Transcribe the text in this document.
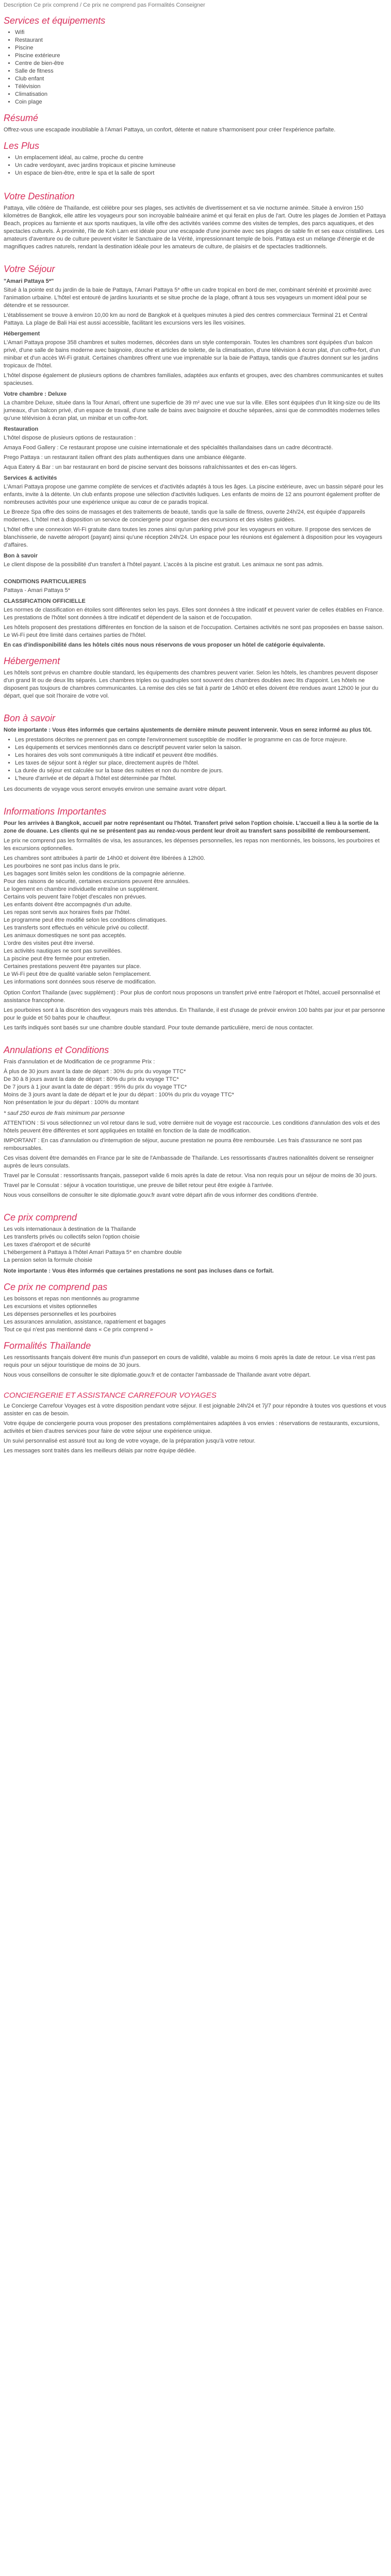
Description Ce prix comprend / Ce prix ne comprend pas Formalités Conseigner

Services et équipements
• Wifi
• Restaurant
• Piscine
• Piscine extérieure
• Centre de bien-être
• Salle de fitness
• Club enfant
• Télévision
• Climatisation
• Coin plage
Résumé

Offrez-vous une escapade inoubliable à l'Amari Pattaya, un confort, détente et nature s'harmonisent pour créer l'expérience parfaite.

Les Plus
• Un emplacement idéal, au calme, proche du centre
• Un cadre verdoyant, avec jardins tropicaux et piscine lumineuse
• Un espace de bien-être, entre le spa et la salle de sport
Votre Destination

Pattaya, ville côtière de Thaïlande, est célèbre pour ses plages, ses activités de divertissement et sa vie nocturne animée. Située à environ 150 kilomètres de Bangkok, elle attire les voyageurs pour son incroyable balnéaire animé et qui ferait en plus de l'art. Outre les plages de Jomtien et Pattaya Beach, propices au farniente et aux sports nautiques, la ville offre des activités variées comme des visites de temples, des parcs aquatiques, et des spectacles culturels. À proximité, l'île de Koh Larn est idéale pour une escapade d'une journée avec ses plages de sable fin et ses eaux cristallines. Les amateurs d'aventure ou de culture peuvent visiter le Sanctuaire de la Vérité, impressionnant temple de bois. Pattaya est un mélange d'énergie et de magnifiques cadres naturels, rendant la destination idéale pour les amateurs de culture, de plaisirs et de spectacles traditionnels.

Votre Séjour
"Amari Pattaya 5*"

Situé à la pointe est du jardin de la baie de Pattaya, l'Amari Pattaya 5* offre un cadre tropical en bord de mer, combinant sérénité et proximité avec l'animation urbaine. L'hôtel est entouré de jardins luxuriants et se situe proche de la plage, offrant à tous ses voyageurs un moment idéal pour se détendre et se ressourcer.

L'établissement se trouve à environ 10,00 km au nord de Bangkok et à quelques minutes à pied des centres commerciaux Terminal 21 et Central Pattaya. La plage de Bali Hai est aussi accessible, facilitant les excursions vers les îles voisines.

Hébergement

L'Amari Pattaya propose 358 chambres et suites modernes, décorées dans un style contemporain. Toutes les chambres sont équipées d'un balcon privé, d'une salle de bains moderne avec baignoire, douche et articles de toilette, de la climatisation, d'une télévision à écran plat, d'un coffre-fort, d'un minibar et d'un accès Wi-Fi gratuit. Certaines chambres offrent une vue imprenable sur la baie de Pattaya, tandis que d'autres donnent sur les jardins tropicaux de l'hôtel.

L'hôtel dispose également de plusieurs options de chambres familiales, adaptées aux enfants et groupes, avec des chambres communicantes et suites spacieuses.

Votre chambre : Deluxe

La chambre Deluxe, située dans la Tour Amari, offrent une superficie de 39 m² avec une vue sur la ville. Elles sont équipées d'un lit king-size ou de lits jumeaux, d'un balcon privé, d'un espace de travail, d'une salle de bains avec baignoire et douche séparées, ainsi que de commodités modernes telles qu'une télévision à écran plat, un minibar et un coffre-fort.

Restauration

L'hôtel dispose de plusieurs options de restauration :

Amaya Food Gallery : Ce restaurant propose une cuisine internationale et des spécialités thaïlandaises dans un cadre décontracté.

Prego Pattaya : un restaurant italien offrant des plats authentiques dans une ambiance élégante.

Aqua Eatery & Bar : un bar restaurant en bord de piscine servant des boissons rafraîchissantes et des en-cas légers.

Services & activités

L'Amari Pattaya propose une gamme complète de services et d'activités adaptés à tous les âges. La piscine extérieure, avec un bassin séparé pour les enfants, invite à la détente. Un club enfants propose une sélection d'activités ludiques. Les enfants de moins de 12 ans pourront également profiter de nombreuses activités pour une expérience unique au cœur de ce paradis tropical.

Le Breeze Spa offre des soins de massages et des traitements de beauté, tandis que la salle de fitness, ouverte 24h/24, est équipée d'appareils modernes. L'hôtel met à disposition un service de conciergerie pour organiser des excursions et des visites guidées.

L'hôtel offre une connexion Wi-Fi gratuite dans toutes les zones ainsi qu'un parking privé pour les voyageurs en voiture. Il propose des services de blanchisserie, de navette aéroport (payant) ainsi qu'une réception 24h/24. Un espace pour les réunions est également à disposition pour les voyageurs d'affaires.

Bon à savoir

Le client dispose de la possibilité d'un transfert à l'hôtel payant. L'accès à la piscine est gratuit. Les animaux ne sont pas admis.

CONDITIONS PARTICULIERES

Pattaya - Amari Pattaya 5*

CLASSIFICATION OFFICIELLE

Les normes de classification en étoiles sont différentes selon les pays. Elles sont données à titre indicatif et peuvent varier de celles établies en France. Les prestations de l'hôtel sont données à titre indicatif et dépendent de la saison et de l'occupation.

Les hôtels proposent des prestations différentes en fonction de la saison et de l'occupation. Certaines activités ne sont pas proposées en basse saison. Le Wi-Fi peut être limité dans certaines parties de l'hôtel.

En cas d'indisponibilité dans les hôtels cités nous nous réservons de vous proposer un hôtel de catégorie équivalente.

Hébergement

Les hôtels sont prévus en chambre double standard, les équipements des chambres peuvent varier. Selon les hôtels, les chambres peuvent disposer d'un grand lit ou de deux lits séparés. Les chambres triples ou quadruples sont souvent des chambres doubles avec lits d'appoint. Les hôtels ne disposent pas toujours de chambres communicantes. La remise des clés se fait à partir de 14h00 et elles doivent être rendues avant 12h00 le jour du départ, quel que soit l'horaire de votre vol.

Bon à savoir

Note importante : Vous êtes informés que certains ajustements de dernière minute peuvent intervenir. Vous en serez informé au plus tôt.

• Les prestations décrites ne prennent pas en compte l'environnement susceptible de modifier le programme en cas de force majeure.
• Les équipements et services mentionnés dans ce descriptif peuvent varier selon la saison.
• Les horaires des vols sont communiqués à titre indicatif et peuvent être modifiés.
• Les taxes de séjour sont à régler sur place, directement auprès de l'hôtel.
• La durée du séjour est calculée sur la base des nuitées et non du nombre de jours.
• L'heure d'arrivée et de départ à l'hôtel est déterminée par l'hôtel.

Les documents de voyage vous seront envoyés environ une semaine avant votre départ.

Informations Importantes

Pour les arrivées à Bangkok, accueil par notre représentant ou l'hôtel. Transfert privé selon l'option choisie. L'accueil a lieu à la sortie de la zone de douane. Les clients qui ne se présentent pas au rendez-vous perdent leur droit au transfert sans possibilité de remboursement.

Le prix ne comprend pas les formalités de visa, les assurances, les dépenses personnelles, les repas non mentionnés, les boissons, les pourboires et les excursions optionnelles.

Les chambres sont attribuées à partir de 14h00 et doivent être libérées à 12h00.
Les pourboires ne sont pas inclus dans le prix.
Les bagages sont limités selon les conditions de la compagnie aérienne.
Pour des raisons de sécurité, certaines excursions peuvent être annulées.
Le logement en chambre individuelle entraîne un supplément.
Certains vols peuvent faire l'objet d'escales non prévues.
Les enfants doivent être accompagnés d'un adulte.
Les repas sont servis aux horaires fixés par l'hôtel.
Le programme peut être modifié selon les conditions climatiques.
Les transferts sont effectués en véhicule privé ou collectif.
Les animaux domestiques ne sont pas acceptés.
L'ordre des visites peut être inversé.
Les activités nautiques ne sont pas surveillées.
La piscine peut être fermée pour entretien.
Certaines prestations peuvent être payantes sur place.
Le Wi-Fi peut être de qualité variable selon l'emplacement.
Les informations sont données sous réserve de modification.

Option Confort Thaïlande (avec supplément) : Pour plus de confort nous proposons un transfert privé entre l'aéroport et l'hôtel, accueil personnalisé et assistance francophone.

Les pourboires sont à la discrétion des voyageurs mais très attendus. En Thaïlande, il est d'usage de prévoir environ 100 bahts par jour et par personne pour le guide et 50 bahts pour le chauffeur.

Les tarifs indiqués sont basés sur une chambre double standard. Pour toute demande particulière, merci de nous contacter.

Annulations et Conditions

Frais d'annulation et de Modification de ce programme Prix :

À plus de 30 jours avant la date de départ : 30% du prix du voyage TTC*
De 30 à 8 jours avant la date de départ : 80% du prix du voyage TTC*
De 7 jours à 1 jour avant la date de départ : 95% du prix du voyage TTC*
Moins de 3 jours avant la date de départ et le jour du départ : 100% du prix du voyage TTC*
Non présentation le jour du départ : 100% du montant

* sauf 250 euros de frais minimum par personne

ATTENTION : Si vous sélectionnez un vol retour dans le sud, votre dernière nuit de voyage est raccourcie. Les conditions d'annulation des vols et des hôtels peuvent être différentes et sont appliquées en totalité en fonction de la date de modification.

IMPORTANT : En cas d'annulation ou d'interruption de séjour, aucune prestation ne pourra être remboursée. Les frais d'assurance ne sont pas remboursables.

Ces visas doivent être demandés en France par le site de l'Ambassade de Thaïlande. Les ressortissants d'autres nationalités doivent se renseigner auprès de leurs consulats.

Travel par le Consulat : ressortissants français, passeport valide 6 mois après la date de retour. Visa non requis pour un séjour de moins de 30 jours.

Travel par le Consulat : séjour à vocation touristique, une preuve de billet retour peut être exigée à l'arrivée.

Nous vous conseillons de consulter le site diplomatie.gouv.fr avant votre départ afin de vous informer des conditions d'entrée.

Ce prix comprend
Les vols internationaux à destination de la Thaïlande
Les transferts privés ou collectifs selon l'option choisie
Les taxes d'aéroport et de sécurité
L'hébergement à Pattaya à l'hôtel Amari Pattaya 5* en chambre double
La pension selon la formule choisie

Note importante : Vous êtes informés que certaines prestations ne sont pas incluses dans ce forfait.

Ce prix ne comprend pas
Les boissons et repas non mentionnés au programme
Les excursions et visites optionnelles
Les dépenses personnelles et les pourboires
Les assurances annulation, assistance, rapatriement et bagages
Tout ce qui n'est pas mentionné dans « Ce prix comprend »
Formalités Thaïlande

Les ressortissants français doivent être munis d'un passeport en cours de validité, valable au moins 6 mois après la date de retour. Le visa n'est pas requis pour un séjour touristique de moins de 30 jours.

Nous vous conseillons de consulter le site diplomatie.gouv.fr et de contacter l'ambassade de Thaïlande avant votre départ.

CONCIERGERIE ET ASSISTANCE CARREFOUR VOYAGES

Le Concierge Carrefour Voyages est à votre disposition pendant votre séjour. Il est joignable 24h/24 et 7j/7 pour répondre à toutes vos questions et vous assister en cas de besoin.

Votre équipe de conciergerie pourra vous proposer des prestations complémentaires adaptées à vos envies : réservations de restaurants, excursions, activités et bien d'autres services pour faire de votre séjour une expérience unique.

Un suivi personnalisé est assuré tout au long de votre voyage, de la préparation jusqu'à votre retour.

Les messages sont traités dans les meilleurs délais par notre équipe dédiée.
